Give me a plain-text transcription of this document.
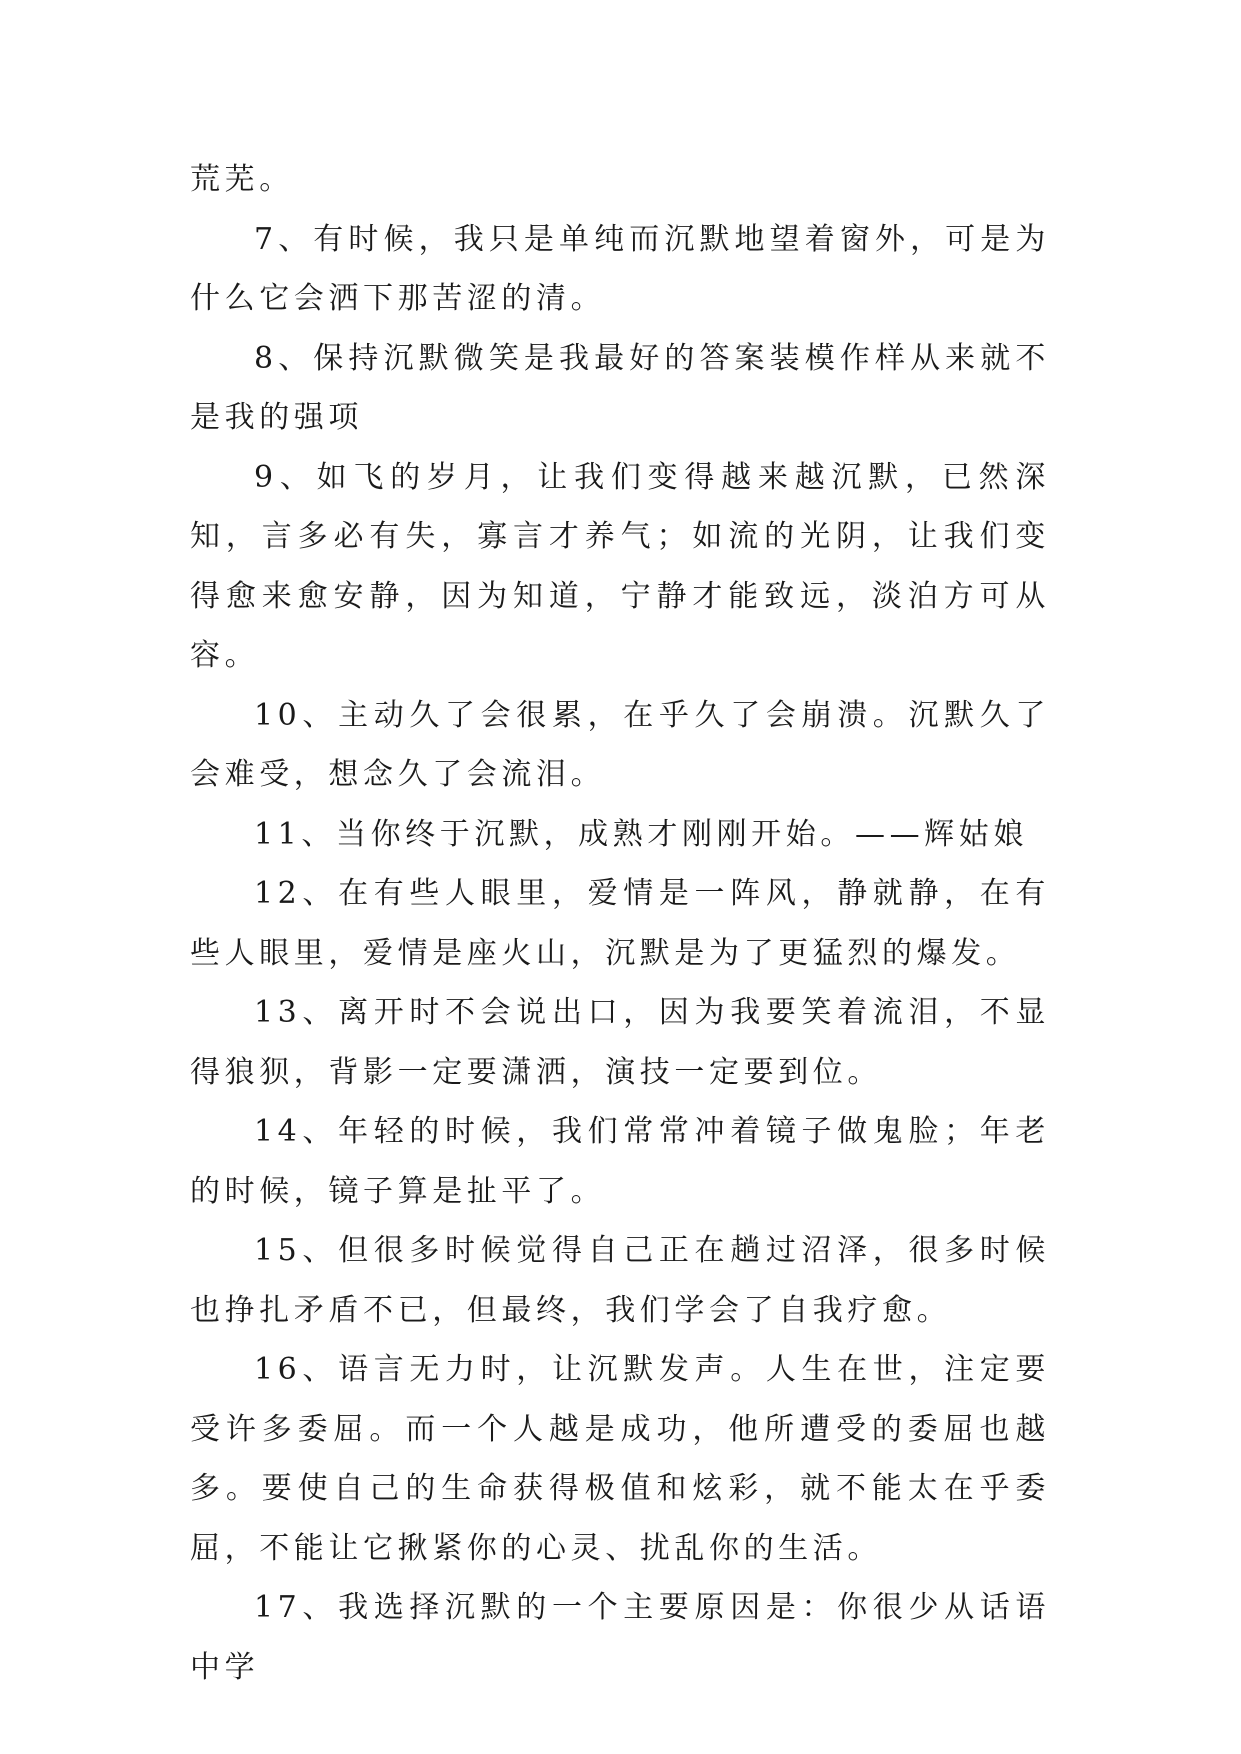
荒芜。

7、有时候，我只是单纯而沉默地望着窗外，可是为什么它会洒下那苦涩的清。

8、保持沉默微笑是我最好的答案装模作样从来就不是我的强项

9、如飞的岁月，让我们变得越来越沉默，已然深知，言多必有失，寡言才养气；如流的光阴，让我们变得愈来愈安静，因为知道，宁静才能致远，淡泊方可从容。

10、主动久了会很累，在乎久了会崩溃。沉默久了会难受，想念久了会流泪。

11、当你终于沉默，成熟才刚刚开始。——辉姑娘

12、在有些人眼里，爱情是一阵风，静就静，在有些人眼里，爱情是座火山，沉默是为了更猛烈的爆发。

13、离开时不会说出口，因为我要笑着流泪，不显得狼狈，背影一定要潇洒，演技一定要到位。

14、年轻的时候，我们常常冲着镜子做鬼脸；年老的时候，镜子算是扯平了。

15、但很多时候觉得自己正在趟过沼泽，很多时候也挣扎矛盾不已，但最终，我们学会了自我疗愈。

16、语言无力时，让沉默发声。人生在世，注定要受许多委屈。而一个人越是成功，他所遭受的委屈也越多。要使自己的生命获得极值和炫彩，就不能太在乎委屈，不能让它揪紧你的心灵、扰乱你的生活。

17、我选择沉默的一个主要原因是：你很少从话语中学
